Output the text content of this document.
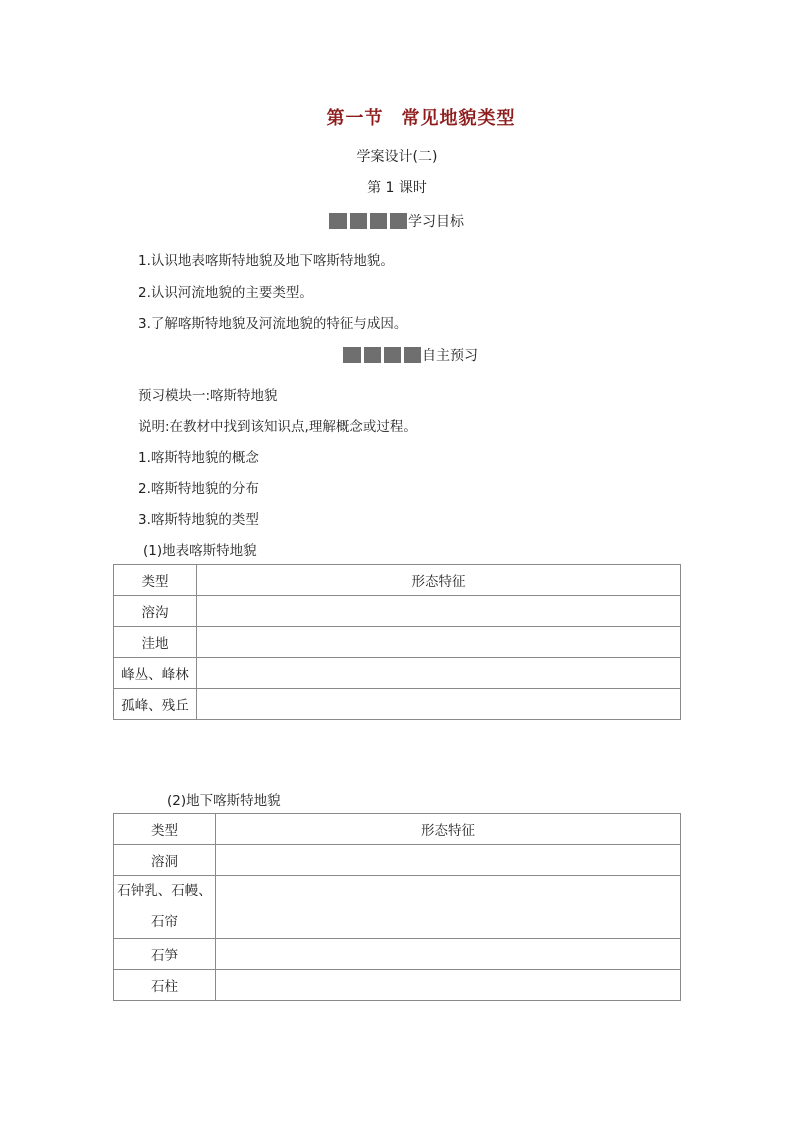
第一节 常见地貌类型
学案设计(二)
第 1 课时
学习目标
1.认识地表喀斯特地貌及地下喀斯特地貌。
2.认识河流地貌的主要类型。
3.了解喀斯特地貌及河流地貌的特征与成因。
自主预习
预习模块一:喀斯特地貌
说明:在教材中找到该知识点,理解概念或过程。
1.喀斯特地貌的概念
2.喀斯特地貌的分布
3.喀斯特地貌的类型
(1)地表喀斯特地貌
类型	形态特征
溶沟	
洼地	
峰丛、峰林	
孤峰、残丘	
(2)地下喀斯特地貌
类型	形态特征
溶洞	

石钟乳、石幔、
石帘	

石笋	
石柱	
